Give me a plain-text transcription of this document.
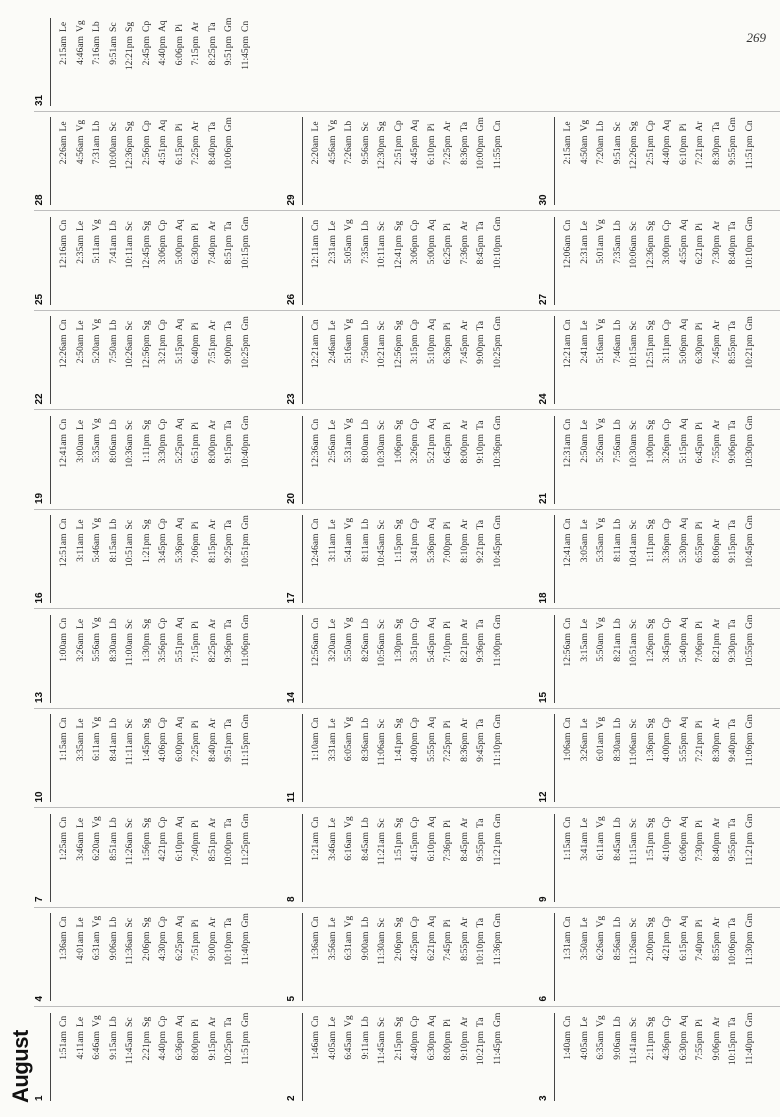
269
August 1
1:51am
Cn
4:11am
Le
6:46am
Vg
9:15am
Lb
11:45am
Sc
2:21pm
Sg
4:40pm
Cp
6:36pm
Aq
8:00pm
Pi
9:15pm
Ar
10:25pm
Ta
11:51pm
Gm
2
1:46am
Cn
4:05am
Le
6:45am
Vg
9:11am
Lb
11:45am
Sc
2:15pm
Sg
4:40pm
Cp
6:30pm
Aq
8:00pm
Pi
9:10pm
Ar
10:21pm
Ta
11:45pm
Gm
3
1:40am
Cn
4:05am
Le
6:35am
Vg
9:06am
Lb
11:41am
Sc
2:11pm
Sg
4:36pm
Cp
6:30pm
Aq
7:55pm
Pi
9:06pm
Ar
10:15pm
Ta
11:40pm
Gm
4
1:36am
Cn
4:01am
Le
6:31am
Vg
9:06am
Lb
11:36am
Sc
2:06pm
Sg
4:30pm
Cp
6:25pm
Aq
7:51pm
Pi
9:00pm
Ar
10:10pm
Ta
11:40pm
Gm
5
1:36am
Cn
3:56am
Le
6:31am
Vg
9:00am
Lb
11:30am
Sc
2:06pm
Sg
4:25pm
Cp
6:21pm
Aq
7:45pm
Pi
8:55pm
Ar
10:10pm
Ta
11:36pm
Gm
6
1:31am
Cn
3:50am
Le
6:26am
Vg
8:56am
Lb
11:26am
Sc
2:00pm
Sg
4:21pm
Cp
6:15pm
Aq
7:40pm
Pi
8:55pm
Ar
10:06pm
Ta
11:30pm
Gm
7
1:25am
Cn
3:46am
Le
6:20am
Vg
8:51am
Lb
11:26am
Sc
1:56pm
Sg
4:21pm
Cp
6:10pm
Aq
7:40pm
Pi
8:51pm
Ar
10:00pm
Ta
11:25pm
Gm
8
1:21am
Cn
3:46am
Le
6:16am
Vg
8:45am
Lb
11:21am
Sc
1:51pm
Sg
4:15pm
Cp
6:10pm
Aq
7:36pm
Pi
8:45pm
Ar
9:55pm
Ta
11:21pm
Gm
9
1:15am
Cn
3:41am
Le
6:11am
Vg
8:45am
Lb
11:15am
Sc
1:51pm
Sg
4:10pm
Cp
6:06pm
Aq
7:30pm
Pi
8:40pm
Ar
9:55pm
Ta
11:21pm
Gm
10
1:15am
Cn
3:35am
Le
6:11am
Vg
8:41am
Lb
11:11am
Sc
1:45pm
Sg
4:06pm
Cp
6:00pm
Aq
7:25pm
Pi
8:40pm
Ar
9:51pm
Ta
11:15pm
Gm
11
1:10am
Cn
3:31am
Le
6:05am
Vg
8:36am
Lb
11:06am
Sc
1:41pm
Sg
4:00pm
Cp
5:55pm
Aq
7:25pm
Pi
8:36pm
Ar
9:45pm
Ta
11:10pm
Gm
12
1:06am
Cn
3:26am
Le
6:01am
Vg
8:30am
Lb
11:06am
Sc
1:36pm
Sg
4:00pm
Cp
5:55pm
Aq
7:21pm
Pi
8:30pm
Ar
9:40pm
Ta
11:06pm
Gm
13
1:00am
Cn
3:26am
Le
5:56am
Vg
8:30am
Lb
11:00am
Sc
1:30pm
Sg
3:56pm
Cp
5:51pm
Aq
7:15pm
Pi
8:25pm
Ar
9:36pm
Ta
11:06pm
Gm
14
12:56am
Cn
3:20am
Le
5:50am
Vg
8:26am
Lb
10:56am
Sc
1:30pm
Sg
3:51pm
Cp
5:45pm
Aq
7:10pm
Pi
8:21pm
Ar
9:36pm
Ta
11:00pm
Gm
15
12:56am
Cn
3:15am
Le
5:50am
Vg
8:21am
Lb
10:51am
Sc
1:26pm
Sg
3:45pm
Cp
5:40pm
Aq
7:06pm
Pi
8:21pm
Ar
9:30pm
Ta
10:55pm
Gm
16
12:51am
Cn
3:11am
Le
5:46am
Vg
8:15am
Lb
10:51am
Sc
1:21pm
Sg
3:45pm
Cp
5:36pm
Aq
7:06pm
Pi
8:15pm
Ar
9:25pm
Ta
10:51pm
Gm
17
12:46am
Cn
3:11am
Le
5:41am
Vg
8:11am
Lb
10:45am
Sc
1:15pm
Sg
3:41pm
Cp
5:36pm
Aq
7:00pm
Pi
8:10pm
Ar
9:21pm
Ta
10:45pm
Gm
18
12:41am
Cn
3:05am
Le
5:35am
Vg
8:11am
Lb
10:41am
Sc
1:11pm
Sg
3:36pm
Cp
5:30pm
Aq
6:55pm
Pi
8:06pm
Ar
9:15pm
Ta
10:45pm
Gm
19
12:41am
Cn
3:00am
Le
5:35am
Vg
8:06am
Lb
10:36am
Sc
1:11pm
Sg
3:30pm
Cp
5:25pm
Aq
6:51pm
Pi
8:00pm
Ar
9:15pm
Ta
10:40pm
Gm
20
12:36am
Cn
2:56am
Le
5:31am
Vg
8:00am
Lb
10:30am
Sc
1:06pm
Sg
3:26pm
Cp
5:21pm
Aq
6:45pm
Pi
8:00pm
Ar
9:10pm
Ta
10:36pm
Gm
21
12:31am
Cn
2:50am
Le
5:26am
Vg
7:56am
Lb
10:30am
Sc
1:00pm
Sg
3:26pm
Cp
5:15pm
Aq
6:45pm
Pi
7:55pm
Ar
9:06pm
Ta
10:30pm
Gm
22
12:26am
Cn
2:50am
Le
5:20am
Vg
7:50am
Lb
10:26am
Sc
12:56pm
Sg
3:21pm
Cp
5:15pm
Aq
6:40pm
Pi
7:51pm
Ar
9:00pm
Ta
10:25pm
Gm
23
12:21am
Cn
2:46am
Le
5:16am
Vg
7:50am
Lb
10:21am
Sc
12:56pm
Sg
3:15pm
Cp
5:10pm
Aq
6:36pm
Pi
7:45pm
Ar
9:00pm
Ta
10:25pm
Gm
24
12:21am
Cn
2:41am
Le
5:16am
Vg
7:46am
Lb
10:15am
Sc
12:51pm
Sg
3:11pm
Cp
5:06pm
Aq
6:30pm
Pi
7:45pm
Ar
8:55pm
Ta
10:21pm
Gm
25
12:16am
Cn
2:35am
Le
5:11am
Vg
7:41am
Lb
10:11am
Sc
12:45pm
Sg
3:06pm
Cp
5:00pm
Aq
6:30pm
Pi
7:40pm
Ar
8:51pm
Ta
10:15pm
Gm
26
12:11am
Cn
2:31am
Le
5:05am
Vg
7:35am
Lb
10:11am
Sc
12:41pm
Sg
3:06pm
Cp
5:00pm
Aq
6:25pm
Pi
7:36pm
Ar
8:45pm
Ta
10:10pm
Gm
27
12:06am
Cn
2:31am
Le
5:01am
Vg
7:35am
Lb
10:06am
Sc
12:36pm
Sg
3:00pm
Cp
4:55pm
Aq
6:21pm
Pi
7:30pm
Ar
8:40pm
Ta
10:10pm
Gm
28
2:26am
Le
4:56am
Vg
7:31am
Lb
10:00am
Sc
12:36pm
Sg
2:56pm
Cp
4:51pm
Aq
6:15pm
Pi
7:25pm
Ar
8:40pm
Ta
10:06pm
Gm
29
2:20am
Le
4:56am
Vg
7:26am
Lb
9:56am
Sc
12:30pm
Sg
2:51pm
Cp
4:45pm
Aq
6:10pm
Pi
7:25pm
Ar
8:36pm
Ta
10:00pm
Gm
11:55pm
Cn
30
2:15am
Le
4:50am
Vg
7:20am
Lb
9:51am
Sc
12:26pm
Sg
2:51pm
Cp
4:40pm
Aq
6:10pm
Pi
7:21pm
Ar
8:30pm
Ta
9:55pm
Gm
11:51pm
Cn
31
2:15am
Le
4:46am
Vg
7:16am
Lb
9:51am
Sc
12:21pm
Sg
2:45pm
Cp
4:40pm
Aq
6:06pm
Pi
7:15pm
Ar
8:25pm
Ta
9:51pm
Gm
11:45pm
Cn
